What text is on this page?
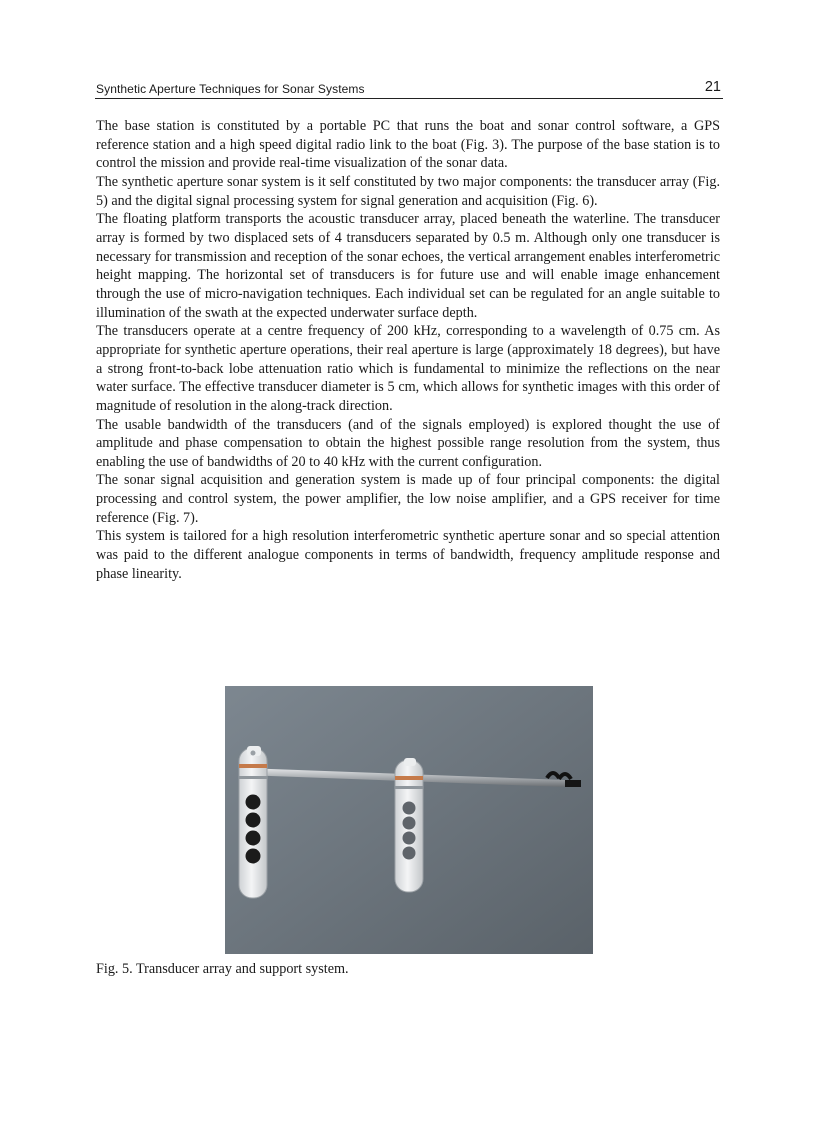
Synthetic Aperture Techniques for Sonar Systems	21

The base station is constituted by a portable PC that runs the boat and sonar control software, a GPS reference station and a high speed digital radio link to the boat (Fig. 3). The purpose of the base station is to control the mission and provide real-time visualization of the sonar data.

The synthetic aperture sonar system is it self constituted by two major components: the transducer array (Fig. 5) and the digital signal processing system for signal generation and acquisition (Fig. 6).

The floating platform transports the acoustic transducer array, placed beneath the waterline. The transducer array is formed by two displaced sets of 4 transducers separated by 0.5 m. Although only one transducer is necessary for transmission and reception of the sonar echoes, the vertical arrangement enables interferometric height mapping. The horizontal set of transducers is for future use and will enable image enhancement through the use of micro-navigation techniques. Each individual set can be regulated for an angle suitable to illumination of the swath at the expected underwater surface depth.

The transducers operate at a centre frequency of 200 kHz, corresponding to a wavelength of 0.75 cm. As appropriate for synthetic aperture operations, their real aperture is large (approximately 18 degrees), but have a strong front-to-back lobe attenuation ratio which is fundamental to minimize the reflections on the near water surface. The effective transducer diameter is 5 cm, which allows for synthetic images with this order of magnitude of resolution in the along-track direction.

The usable bandwidth of the transducers (and of the signals employed) is explored thought the use of amplitude and phase compensation to obtain the highest possible range resolution from the system, thus enabling the use of bandwidths of 20 to 40 kHz with the current configuration.

The sonar signal acquisition and generation system is made up of four principal components: the digital processing and control system, the power amplifier, the low noise amplifier, and a GPS receiver for time reference (Fig. 7).

This system is tailored for a high resolution interferometric synthetic aperture sonar and so special attention was paid to the different analogue components in terms of bandwidth, frequency amplitude response and phase linearity.

Fig. 5. Transducer array and support system.
